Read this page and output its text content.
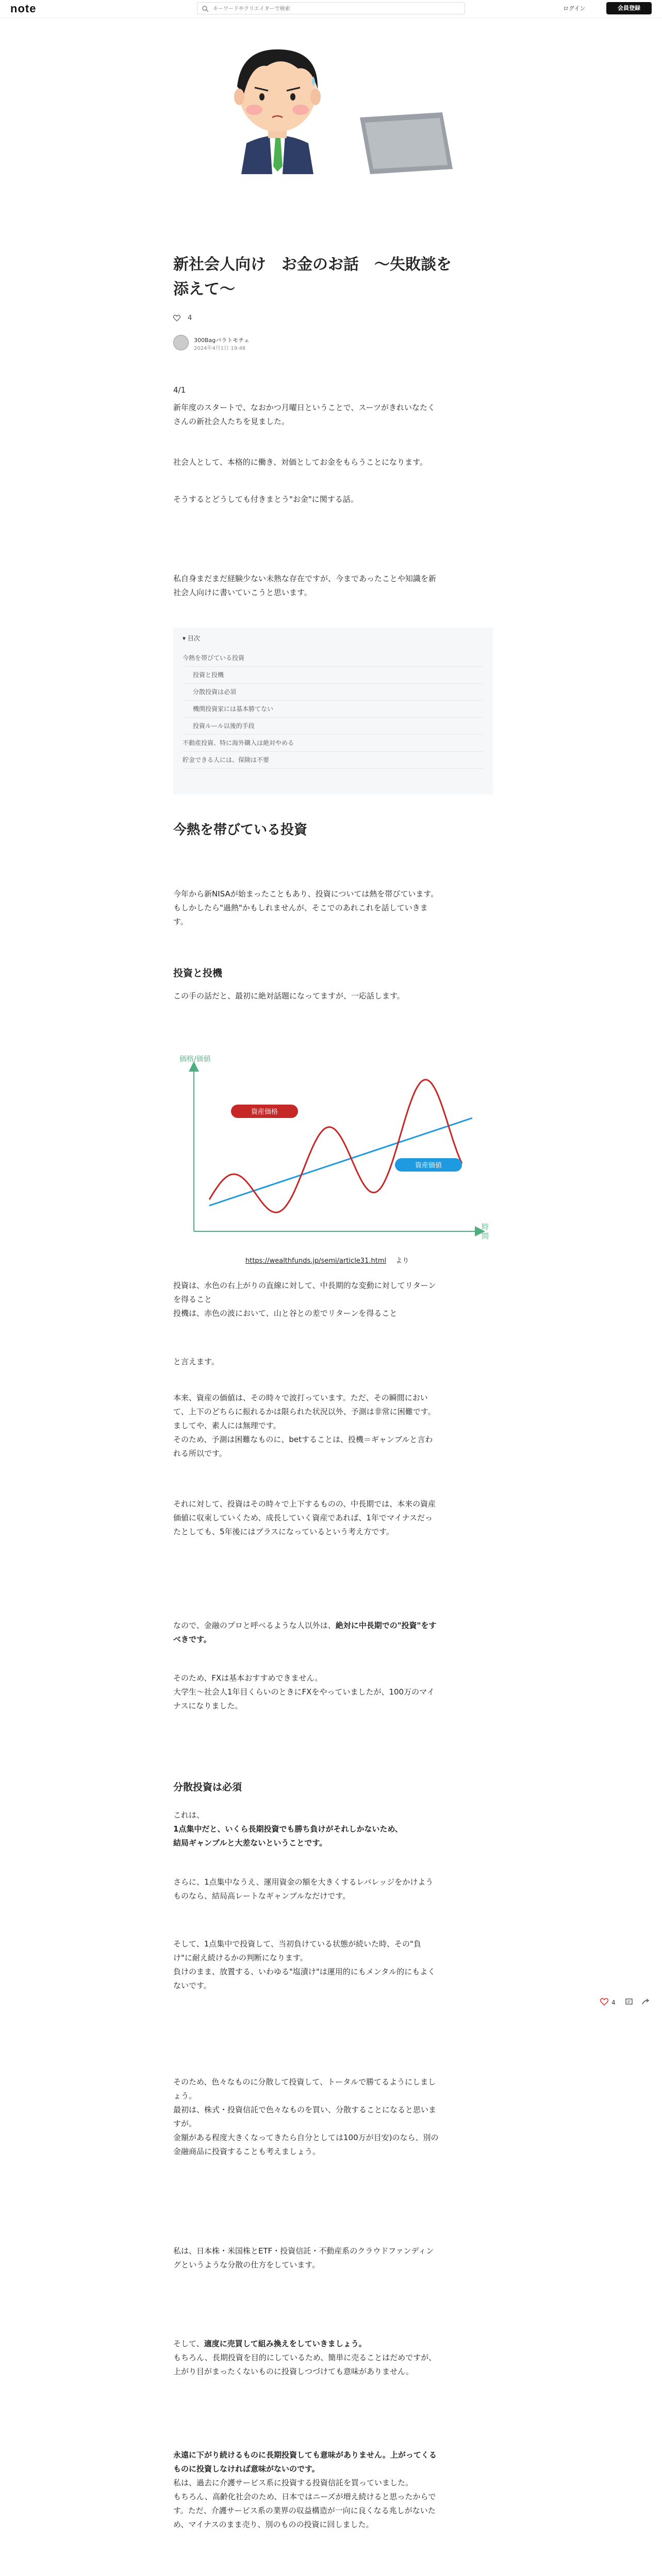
note
キーワードやクリエイターで検索	ログイン	会員登録
新社会人向け　お金のお話　〜失敗談を
添えて〜
4
300Bagパラトモチェ
2024年4月1日 19:48

4/1

新年度のスタートで、なおかつ月曜日ということで、スーツがきれいなたく
さんの新社会人たちを見ました。

社会人として、本格的に働き、対価としてお金をもらうことになります。

そうするとどうしても付きまとう"お金"に関する話。

私自身まだまだ経験少ない未熟な存在ですが、今まであったことや知識を新
社会人向けに書いていこうと思います。

▾ 目次
今熱を帯びている投資
投資と投機
分散投資は必須
機関投資家には基本勝てない
投資ルール以後的手段
不動産投資、特に海外購入は絶対やめる
貯金できる人には、保険は不要
今熱を帯びている投資

今年から新NISAが始まったこともあり、投資については熱を帯びています。
もしかしたら"過熱"かもしれませんが、そこでのあれこれを話していきま
す。

投資と投機

この手の話だと、最初に絶対話題になってますが、一応話します。

価格/価値
時
間
資産価格
資産価値
https://wealthfunds.jp/semi/article31.html より

投資は、水色の右上がりの直線に対して、中長期的な変動に対してリターン
を得ること
投機は、赤色の波において、山と谷との差でリターンを得ること

と言えます。

本来、資産の価値は、その時々で波打っています。ただ、その瞬間におい
て、上下のどちらに振れるかは限られた状況以外、予測は非常に困難です。
ましてや、素人には無理です。
そのため、予測は困難なものに、betすることは、投機＝ギャンブルと言わ
れる所以です。

それに対して、投資はその時々で上下するものの、中長期では、本来の資産
価値に収束していくため、成長していく資産であれば、1年でマイナスだっ
たとしても、5年後にはプラスになっているという考え方です。

なので、金融のプロと呼べるような人以外は、絶対に中長期での"投資"をす
べきです。

そのため、FXは基本おすすめできません。
大学生〜社会人1年目くらいのときにFXをやっていましたが、100万のマイ
ナスになりました。

分散投資は必須

これは、
1点集中だと、いくら長期投資でも勝ち負けがそれしかないため、
結局ギャンブルと大差ないということです。

さらに、1点集中なうえ、運用資金の額を大きくするレバレッジをかけよう
ものなら、結局高レートなギャンブルなだけです。

そして、1点集中で投資して、当初負けている状態が続いた時、その"負
け"に耐え続けるかの判断になります。
負けのまま、放置する、いわゆる"塩漬け"は運用的にもメンタル的にもよく
ないです。

そのため、色々なものに分散して投資して、トータルで勝てるようにしまし
ょう。
最初は、株式・投資信託で色々なものを買い、分散することになると思いま
すが。
金額がある程度大きくなってきたら自分としては100万が目安)のなら、別の
金融商品に投資することも考えましょう。

私は、日本株・米国株とETF・投資信託・不動産系のクラウドファンディン
グというような分散の仕方をしています。

そして、適度に売買して組み換えをしていきましょう。
もちろん、長期投資を目的にしているため、簡単に売ることはだめですが、
上がり目がまったくないものに投資しつづけても意味がありません。

永遠に下がり続けるものに長期投資しても意味がありません。上がってくる
ものに投資しなければ意味がないのです。
私は、過去に介護サービス系に投資する投資信託を買っていました。
もちろん、高齢化社会のため、日本ではニーズが増え続けると思ったからで
す。ただ、介護サービス系の業界の収益構造が一向に良くなる兆しがないた
め、マイナスのまま売り、別のものの投資に回しました。

4
